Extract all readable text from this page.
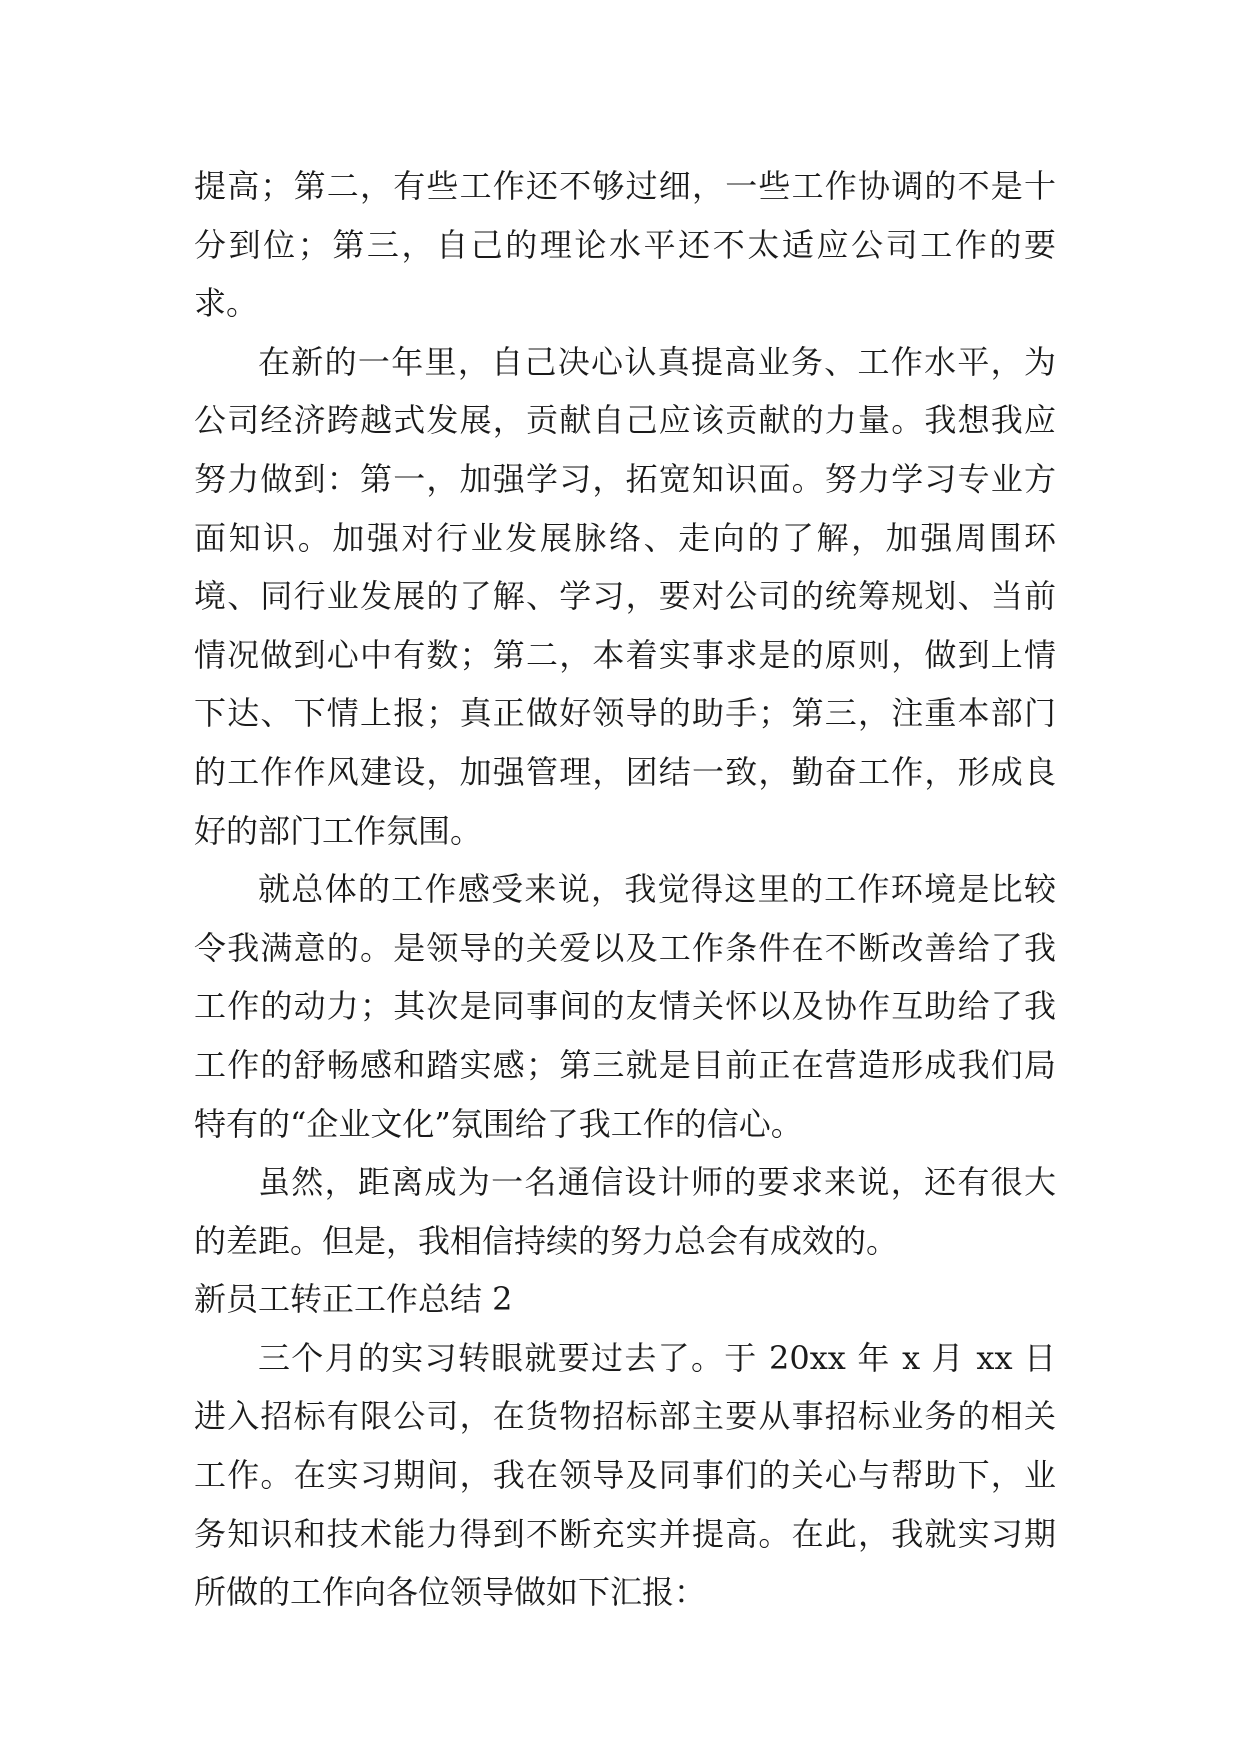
提高；第二，有些工作还不够过细，一些工作协调的不是十分到位；第三，自己的理论水平还不太适应公司工作的要求。

在新的一年里，自己决心认真提高业务、工作水平，为公司经济跨越式发展，贡献自己应该贡献的力量。我想我应努力做到：第一，加强学习，拓宽知识面。努力学习专业方面知识。加强对行业发展脉络、走向的了解，加强周围环境、同行业发展的了解、学习，要对公司的统筹规划、当前情况做到心中有数；第二，本着实事求是的原则，做到上情下达、下情上报；真正做好领导的助手；第三，注重本部门的工作作风建设，加强管理，团结一致，勤奋工作，形成良好的部门工作氛围。

就总体的工作感受来说，我觉得这里的工作环境是比较令我满意的。是领导的关爱以及工作条件在不断改善给了我工作的动力；其次是同事间的友情关怀以及协作互助给了我工作的舒畅感和踏实感；第三就是目前正在营造形成我们局特有的“企业文化”氛围给了我工作的信心。

虽然，距离成为一名通信设计师的要求来说，还有很大的差距。但是，我相信持续的努力总会有成效的。

新员工转正工作总结 2

三个月的实习转眼就要过去了。于 20xx 年 x 月 xx 日进入招标有限公司，在货物招标部主要从事招标业务的相关工作。在实习期间，我在领导及同事们的关心与帮助下，业务知识和技术能力得到不断充实并提高。在此，我就实习期所做的工作向各位领导做如下汇报：
